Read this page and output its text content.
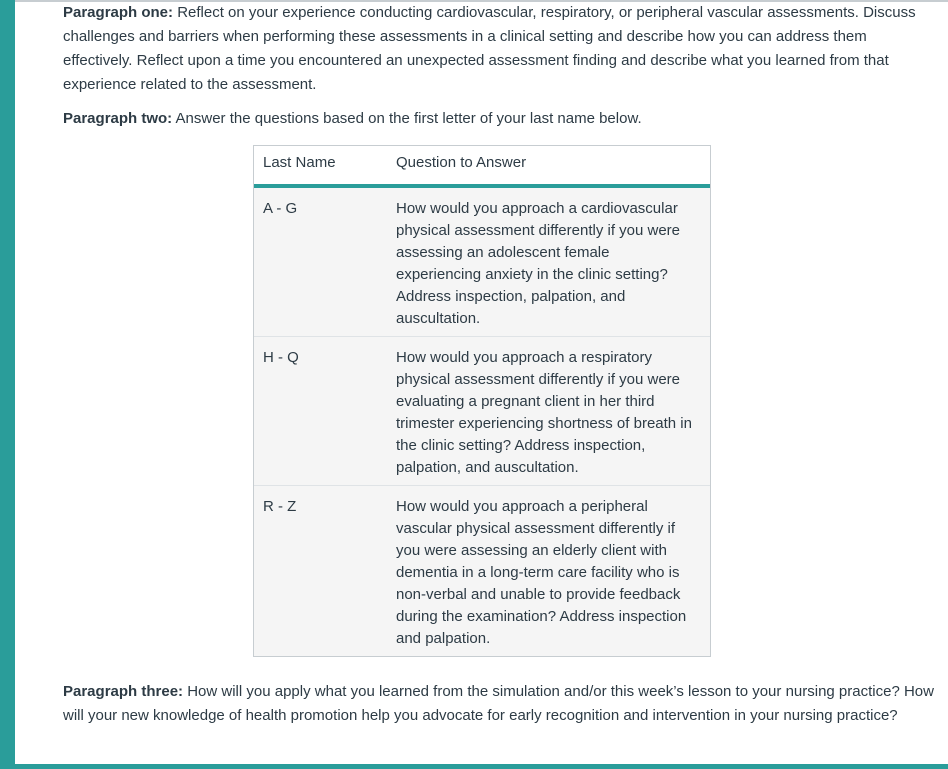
Paragraph one: Reflect on your experience conducting cardiovascular, respiratory, or peripheral vascular assessments. Discuss challenges and barriers when performing these assessments in a clinical setting and describe how you can address them effectively. Reflect upon a time you encountered an unexpected assessment finding and describe what you learned from that experience related to the assessment.

Paragraph two: Answer the questions based on the first letter of your last name below.

Last Name	Question to Answer
A - G	How would you approach a cardiovascular physical assessment differently if you were assessing an adolescent female experiencing anxiety in the clinic setting? Address inspection, palpation, and auscultation.
H - Q	How would you approach a respiratory physical assessment differently if you were evaluating a pregnant client in her third trimester experiencing shortness of breath in the clinic setting? Address inspection, palpation, and auscultation.
R - Z	How would you approach a peripheral vascular physical assessment differently if you were assessing an elderly client with dementia in a long-term care facility who is non-verbal and unable to provide feedback during the examination? Address inspection and palpation.

Paragraph three: How will you apply what you learned from the simulation and/or this week’s lesson to your nursing practice? How will your new knowledge of health promotion help you advocate for early recognition and intervention in your nursing practice?
